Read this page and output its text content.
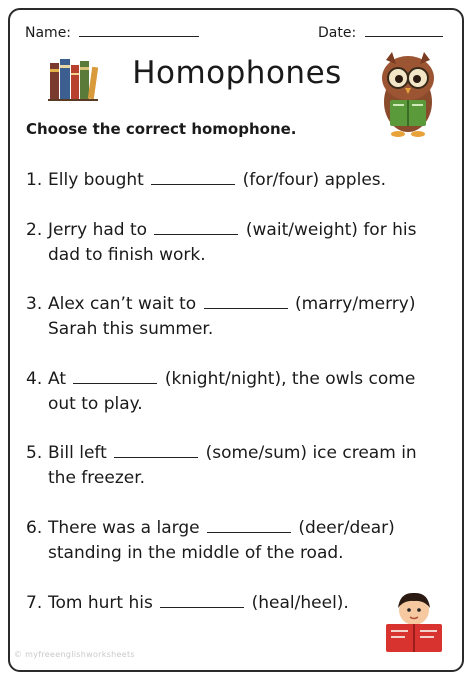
Name:	Date:
Homophones
Choose the correct homophone.
1. Elly bought	(for/four) apples.
2. Jerry had to	(wait/weight) for his
dad to finish work.
3. Alex can’t wait to	(marry/merry)
Sarah this summer.
4. At	(knight/night), the owls come
out to play.
5. Bill left	(some/sum) ice cream in
the freezer.
6. There was a large	(deer/dear)
standing in the middle of the road.
7. Tom hurt his	(heal/heel).
© myfreeenglishworksheets
